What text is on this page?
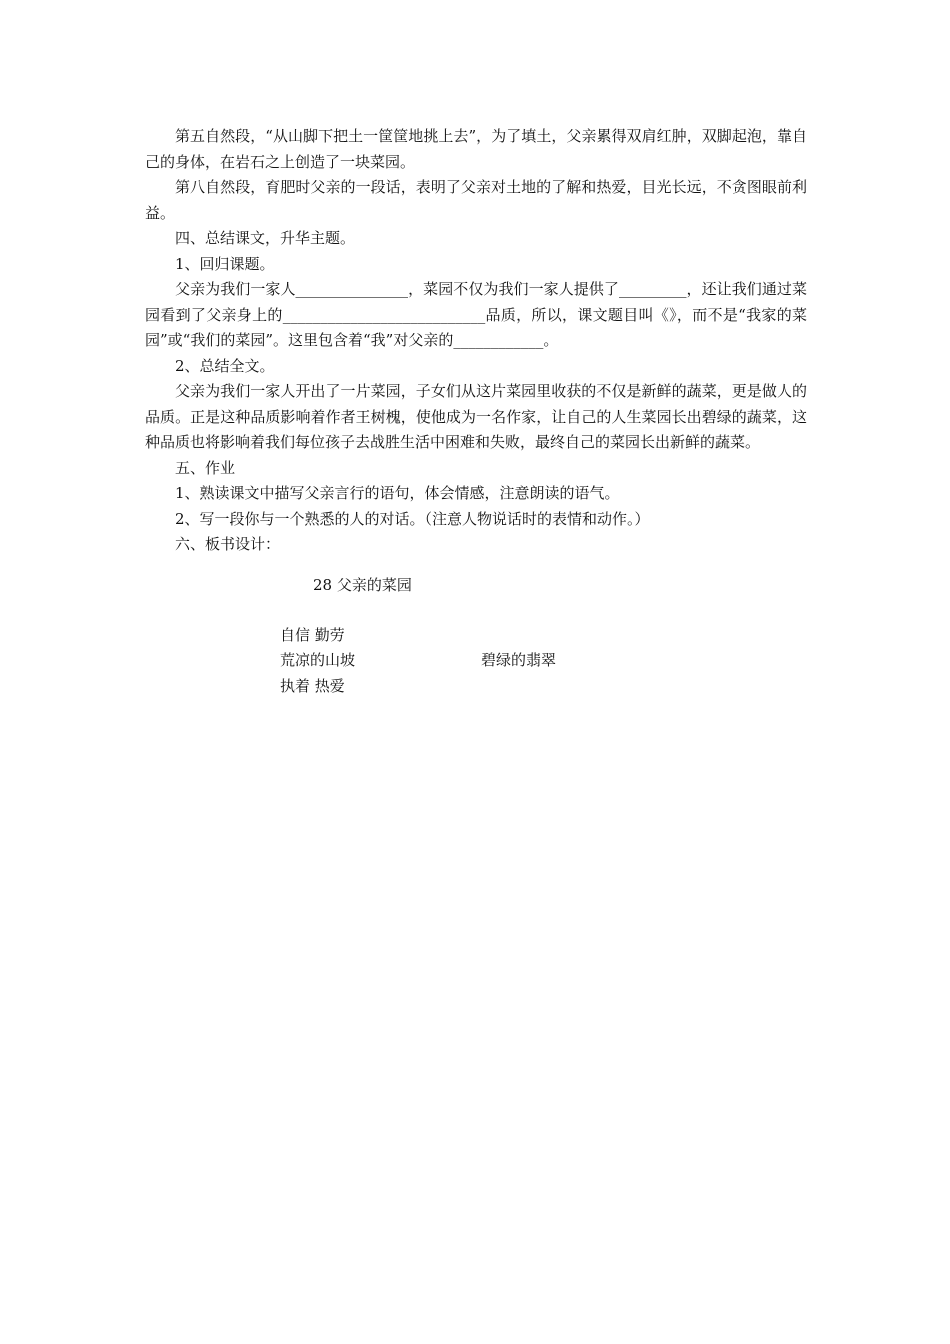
第五自然段，“从山脚下把土一筐筐地挑上去”，为了填土，父亲累得双肩红肿，双脚起泡，靠自己的身体，在岩石之上创造了一块菜园。

第八自然段，育肥时父亲的一段话，表明了父亲对土地的了解和热爱，目光长远，不贪图眼前利益。

四、总结课文，升华主题。

1、回归课题。

父亲为我们一家人_______________，菜园不仅为我们一家人提供了_________，还让我们通过菜园看到了父亲身上的___________________________品质，所以，课文题目叫《》，而不是“我家的菜园”或“我们的菜园”。这里包含着“我”对父亲的____________。

2、总结全文。

父亲为我们一家人开出了一片菜园，子女们从这片菜园里收获的不仅是新鲜的蔬菜，更是做人的品质。正是这种品质影响着作者王树槐，使他成为一名作家，让自己的人生菜园长出碧绿的蔬菜，这种品质也将影响着我们每位孩子去战胜生活中困难和失败，最终自己的菜园长出新鲜的蔬菜。

五、作业

1、熟读课文中描写父亲言行的语句，体会情感，注意朗读的语气。

2、写一段你与一个熟悉的人的对话。（注意人物说话时的表情和动作。）

六、板书设计：

28 父亲的菜园
自信 勤劳
荒凉的山坡	碧绿的翡翠
执着 热爱
